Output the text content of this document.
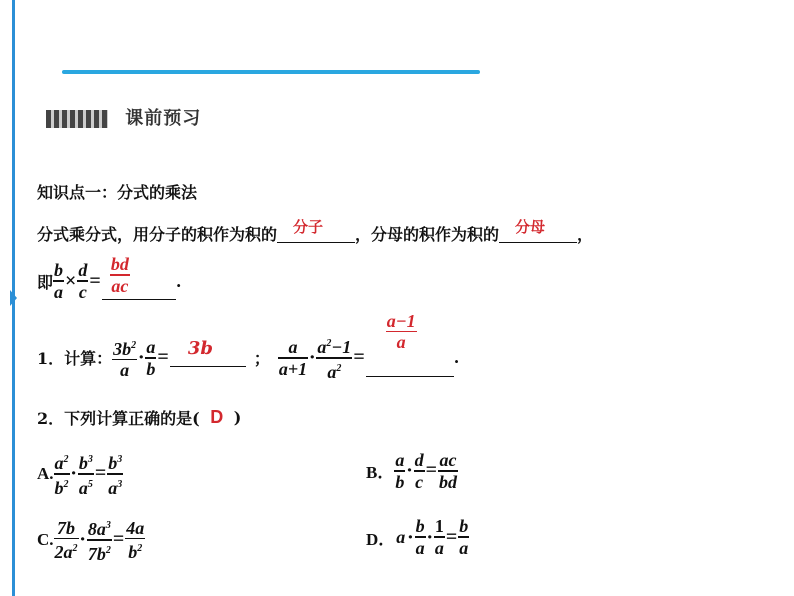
课前预习
知识点一：分式的乘法
分式乘分式，用分子的积作为积的 分子 ，分母的积作为积的 分母 ，
即 $\frac{b}{a} \times \frac{d}{c}$ =
bd
ac	.
1．计算： $\frac{3b^2}{a} \cdot \frac{a}{b} = 3b$	； $\frac{a}{a+1} \cdot \frac{a^2-1}{a^2}$ =
a−1
a
.
2．下列计算正确的是( D )
A. $\frac{a^2}{b^2} \cdot \frac{b^3}{a^5} = \frac{b^3}{a^3}$	B． $\frac{a}{b} \cdot \frac{d}{c} = \frac{ac}{bd}$
C. $\frac{7b}{2a^2} \cdot \frac{8a^3}{7b^2} = \frac{4a}{b^2}$	D． $a \cdot \frac{b}{a} \cdot \frac{1}{a} = \frac{b}{a}$
